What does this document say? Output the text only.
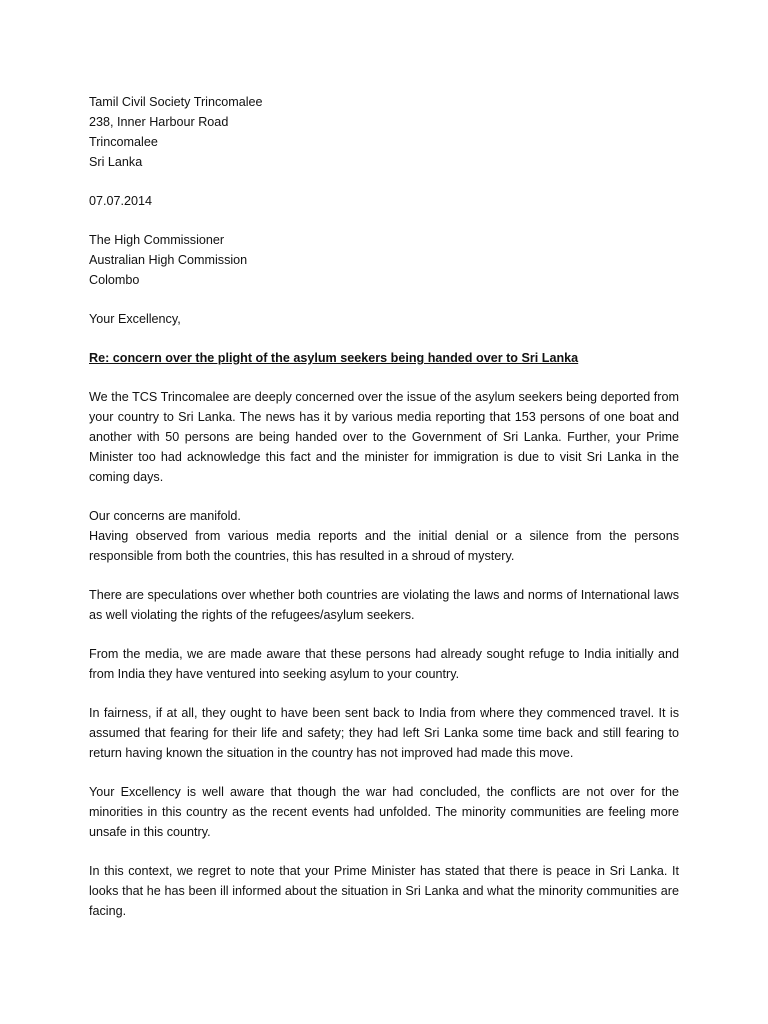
Tamil Civil Society Trincomalee

238, Inner Harbour Road

Trincomalee

Sri Lanka

07.07.2014

The High Commissioner

Australian High Commission

Colombo

Your Excellency,

Re: concern over the plight of the asylum seekers being handed over to Sri Lanka

We the TCS Trincomalee are deeply concerned over the issue of the asylum seekers being deported from your country to Sri Lanka. The news has it by various media reporting that 153 persons of one boat and another with 50 persons are being handed over to the Government of Sri Lanka. Further, your Prime Minister too had acknowledge this fact and the minister for immigration is due to visit Sri Lanka in the coming days.

Our concerns are manifold.

Having observed from various media reports and the initial denial or a silence from the persons responsible from both the countries, this has resulted in a shroud of mystery.

There are speculations over whether both countries are violating the laws and norms of International laws as well violating the rights of the refugees/asylum seekers.

From the media, we are made aware that these persons had already sought refuge to India initially and from India they have ventured into seeking asylum to your country.

In fairness, if at all, they ought to have been sent back to India from where they commenced travel. It is assumed that fearing for their life and safety; they had left Sri Lanka some time back and still fearing to return having known the situation in the country has not improved had made this move.

Your Excellency is well aware that though the war had concluded, the conflicts are not over for the minorities in this country as the recent events had unfolded. The minority communities are feeling more unsafe in this country.

In this context, we regret to note that your Prime Minister has stated that there is peace in Sri Lanka. It looks that he has been ill informed about the situation in Sri Lanka and what the minority communities are facing.
